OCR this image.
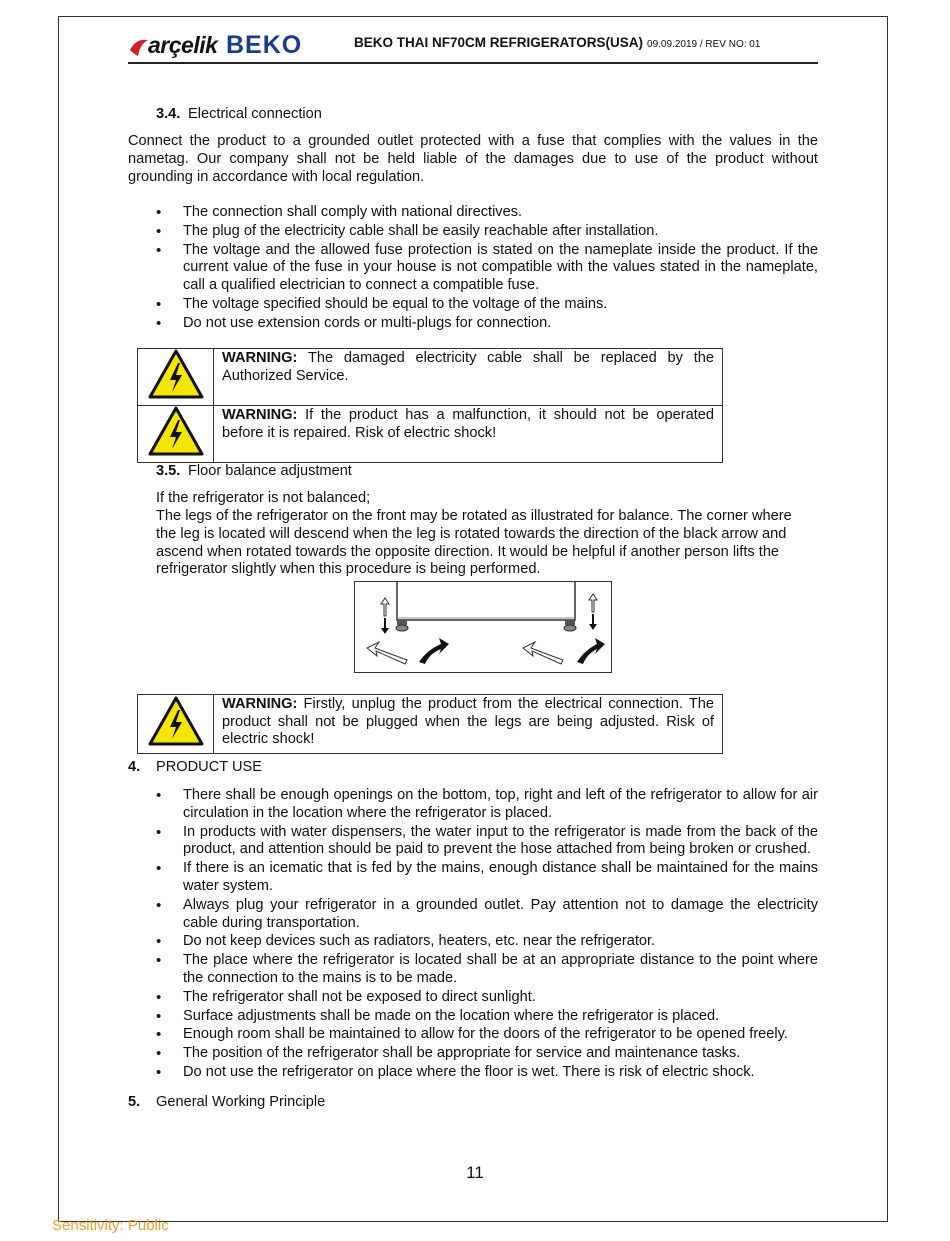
arçelik BEKO	BEKO THAI NF70CM REFRIGERATORS(USA) 09.09.2019 / REV NO: 01
3.4. Electrical connection
Connect the product to a grounded outlet protected with a fuse that complies with the values in the nametag. Our company shall not be held liable of the damages due to use of the product without grounding in accordance with local regulation.
• The connection shall comply with national directives.
• The plug of the electricity cable shall be easily reachable after installation.
• The voltage and the allowed fuse protection is stated on the nameplate inside the product. If the current value of the fuse in your house is not compatible with the values stated in the nameplate, call a qualified electrician to connect a compatible fuse.
• The voltage specified should be equal to the voltage of the mains.
• Do not use extension cords or multi-plugs for connection.
	WARNING: The damaged electricity cable shall be replaced by the Authorized Service.
	WARNING: If the product has a malfunction, it should not be operated before it is repaired. Risk of electric shock!
3.5. Floor balance adjustment
If the refrigerator is not balanced;
The legs of the refrigerator on the front may be rotated as illustrated for balance. The corner where the leg is located will descend when the leg is rotated towards the direction of the black arrow and ascend when rotated towards the opposite direction. It would be helpful if another person lifts the refrigerator slightly when this procedure is being performed.
	WARNING: Firstly, unplug the product from the electrical connection. The product shall not be plugged when the legs are being adjusted. Risk of electric shock!
4. PRODUCT USE
• There shall be enough openings on the bottom, top, right and left of the refrigerator to allow for air circulation in the location where the refrigerator is placed.
• In products with water dispensers, the water input to the refrigerator is made from the back of the product, and attention should be paid to prevent the hose attached from being broken or crushed.
• If there is an icematic that is fed by the mains, enough distance shall be maintained for the mains water system.
• Always plug your refrigerator in a grounded outlet. Pay attention not to damage the electricity cable during transportation.
• Do not keep devices such as radiators, heaters, etc. near the refrigerator.
• The place where the refrigerator is located shall be at an appropriate distance to the point where the connection to the mains is to be made.
• The refrigerator shall not be exposed to direct sunlight.
• Surface adjustments shall be made on the location where the refrigerator is placed.
• Enough room shall be maintained to allow for the doors of the refrigerator to be opened freely.
• The position of the refrigerator shall be appropriate for service and maintenance tasks.
• Do not use the refrigerator on place where the floor is wet. There is risk of electric shock.
5. General Working Principle
11
Sensitivity: Public
